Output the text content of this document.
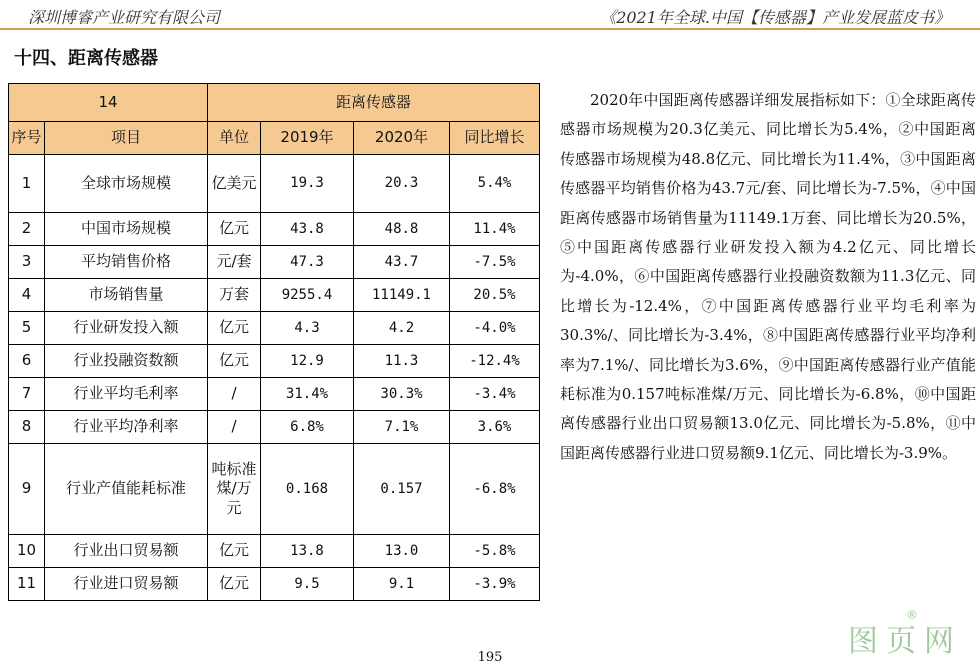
深圳博睿产业研究有限公司	《2021年全球.中国【传感器】产业发展蓝皮书》
十四、距离传感器
14		距离传感器			
序号	项目	单位	2019年	2020年	同比增长
1	全球市场规模	亿美元	19.3	20.3	5.4%
2	中国市场规模	亿元	43.8	48.8	11.4%
3	平均销售价格	元/套	47.3	43.7	-7.5%
4	市场销售量	万套	9255.4	11149.1	20.5%
5	行业研发投入额	亿元	4.3	4.2	-4.0%
6	行业投融资数额	亿元	12.9	11.3	-12.4%
7	行业平均毛利率	/	31.4%	30.3%	-3.4%
8	行业平均净利率	/	6.8%	7.1%	3.6%
9	行业产值能耗标准	吨标准煤/万元	0.168	0.157	-6.8%
10	行业出口贸易额	亿元	13.8	13.0	-5.8%
11	行业进口贸易额	亿元	9.5	9.1	-3.9%
2020年中国距离传感器详细发展指标如下：①全球距离传感器市场规模为20.3亿美元、同比增长为5.4%，②中国距离传感器市场规模为48.8亿元、同比增长为11.4%，③中国距离传感器平均销售价格为43.7元/套、同比增长为-7.5%，④中国距离传感器市场销售量为11149.1万套、同比增长为20.5%，⑤中国距离传感器行业研发投入额为4.2亿元、同比增长为-4.0%，⑥中国距离传感器行业投融资数额为11.3亿元、同比增长为-12.4%，⑦中国距离传感器行业平均毛利率为30.3%/、同比增长为-3.4%，⑧中国距离传感器行业平均净利率为7.1%/、同比增长为3.6%，⑨中国距离传感器行业产值能耗标准为0.157吨标准煤/万元、同比增长为-6.8%，⑩中国距离传感器行业出口贸易额13.0亿元、同比增长为-5.8%，⑪中国距离传感器行业进口贸易额9.1亿元、同比增长为-3.9%。
195	图页网
®
